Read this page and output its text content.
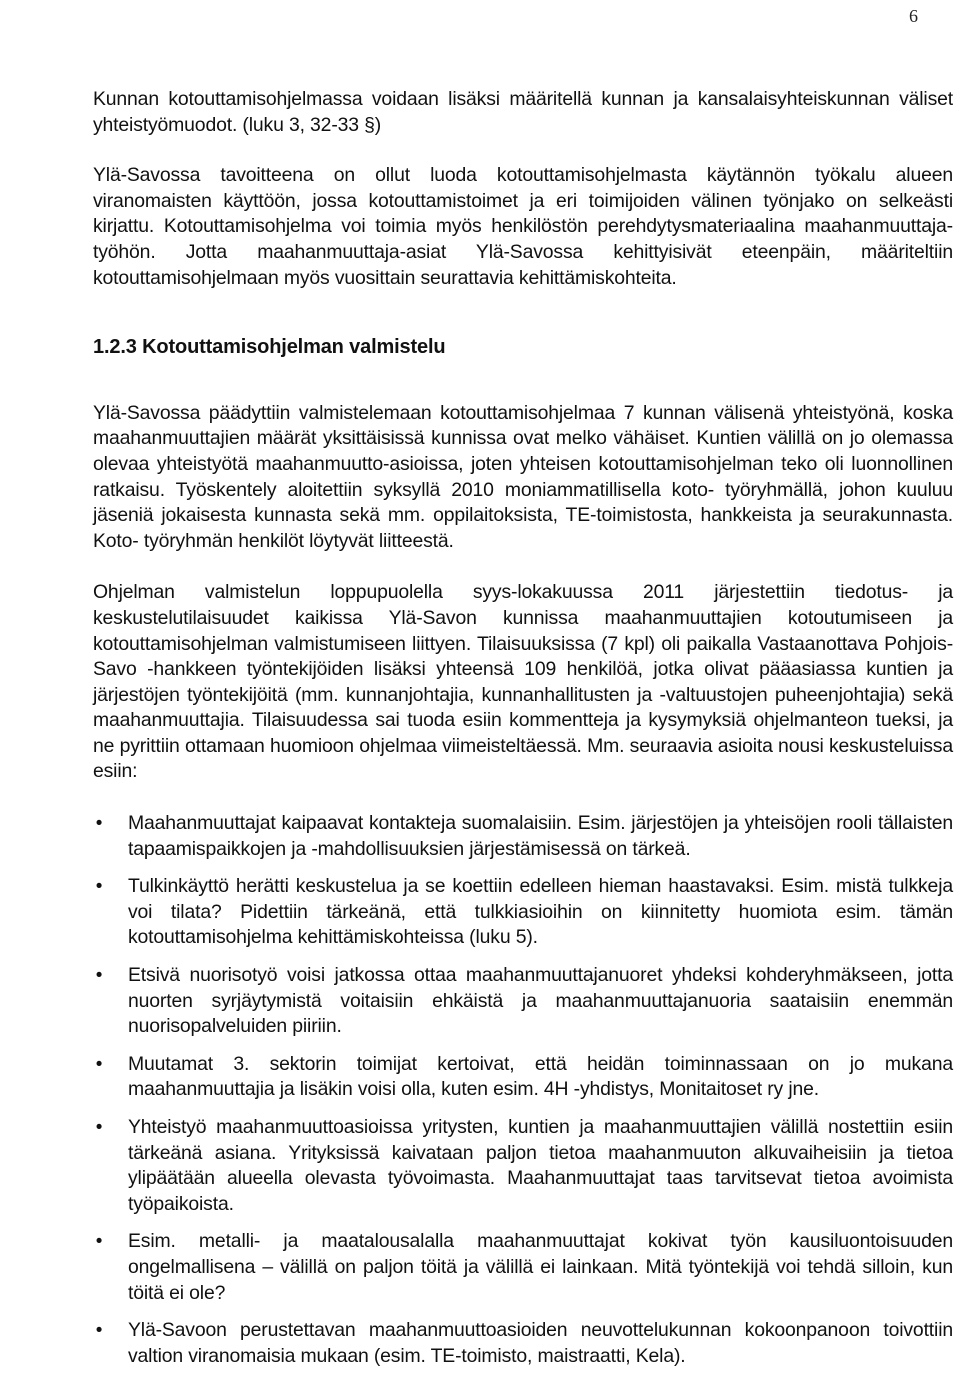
6

Kunnan kotouttamisohjelmassa voidaan lisäksi määritellä kunnan ja kansalaisyhteiskunnan väliset yhteistyömuodot. (luku 3, 32-33 §)

Ylä-Savossa tavoitteena on ollut luoda kotouttamisohjelmasta käytännön työkalu alueen viranomaisten käyttöön, jossa kotouttamistoimet ja eri toimijoiden välinen työnjako on selkeästi kirjattu. Kotouttamisohjelma voi toimia myös henkilöstön perehdytysmateriaalina maahanmuuttaja-työhön. Jotta maahanmuuttaja-asiat Ylä-Savossa kehittyisivät eteenpäin, määriteltiin kotouttamisohjelmaan myös vuosittain seurattavia kehittämiskohteita.

1.2.3 Kotouttamisohjelman valmistelu

Ylä-Savossa päädyttiin valmistelemaan kotouttamisohjelmaa 7 kunnan välisenä yhteistyönä, koska maahanmuuttajien määrät yksittäisissä kunnissa ovat melko vähäiset. Kuntien välillä on jo olemassa olevaa yhteistyötä maahanmuutto-asioissa, joten yhteisen kotouttamisohjelman teko oli luonnollinen ratkaisu. Työskentely aloitettiin syksyllä 2010 moniammatillisella koto- työryhmällä, johon kuuluu jäseniä jokaisesta kunnasta sekä mm. oppilaitoksista, TE-toimistosta, hankkeista ja seurakunnasta. Koto- työryhmän henkilöt löytyvät liitteestä.

Ohjelman valmistelun loppupuolella syys-lokakuussa 2011 järjestettiin tiedotus- ja keskustelutilaisuudet kaikissa Ylä-Savon kunnissa maahanmuuttajien kotoutumiseen ja kotouttamisohjelman valmistumiseen liittyen. Tilaisuuksissa (7 kpl) oli paikalla Vastaanottava Pohjois-Savo -hankkeen työntekijöiden lisäksi yhteensä 109 henkilöä, jotka olivat pääasiassa kuntien ja järjestöjen työntekijöitä (mm. kunnanjohtajia, kunnanhallitusten ja -valtuustojen puheenjohtajia) sekä maahanmuuttajia. Tilaisuudessa sai tuoda esiin kommentteja ja kysymyksiä ohjelmanteon tueksi, ja ne pyrittiin ottamaan huomioon ohjelmaa viimeisteltäessä. Mm. seuraavia asioita nousi keskusteluissa esiin:

• Maahanmuuttajat kaipaavat kontakteja suomalaisiin. Esim. järjestöjen ja yhteisöjen rooli tällaisten tapaamispaikkojen ja -mahdollisuuksien järjestämisessä on tärkeä.
• Tulkinkäyttö herätti keskustelua ja se koettiin edelleen hieman haastavaksi. Esim. mistä tulkkeja voi tilata? Pidettiin tärkeänä, että tulkkiasioihin on kiinnitetty huomiota esim. tämän kotouttamisohjelma kehittämiskohteissa (luku 5).
• Etsivä nuorisotyö voisi jatkossa ottaa maahanmuuttajanuoret yhdeksi kohderyhmäkseen, jotta nuorten syrjäytymistä voitaisiin ehkäistä ja maahanmuuttajanuoria saataisiin enemmän nuorisopalveluiden piiriin.
• Muutamat 3. sektorin toimijat kertoivat, että heidän toiminnassaan on jo mukana maahanmuuttajia ja lisäkin voisi olla, kuten esim. 4H -yhdistys, Monitaitoset ry jne.
• Yhteistyö maahanmuuttoasioissa yritysten, kuntien ja maahanmuuttajien välillä nostettiin esiin tärkeänä asiana. Yrityksissä kaivataan paljon tietoa maahanmuuton alkuvaiheisiin ja tietoa ylipäätään alueella olevasta työvoimasta. Maahanmuuttajat taas tarvitsevat tietoa avoimista työpaikoista.
• Esim. metalli- ja maatalousalalla maahanmuuttajat kokivat työn kausiluontoisuuden ongelmallisena – välillä on paljon töitä ja välillä ei lainkaan. Mitä työntekijä voi tehdä silloin, kun töitä ei ole?
• Ylä-Savoon perustettavan maahanmuuttoasioiden neuvottelukunnan kokoonpanoon toivottiin valtion viranomaisia mukaan (esim. TE-toimisto, maistraatti, Kela).
